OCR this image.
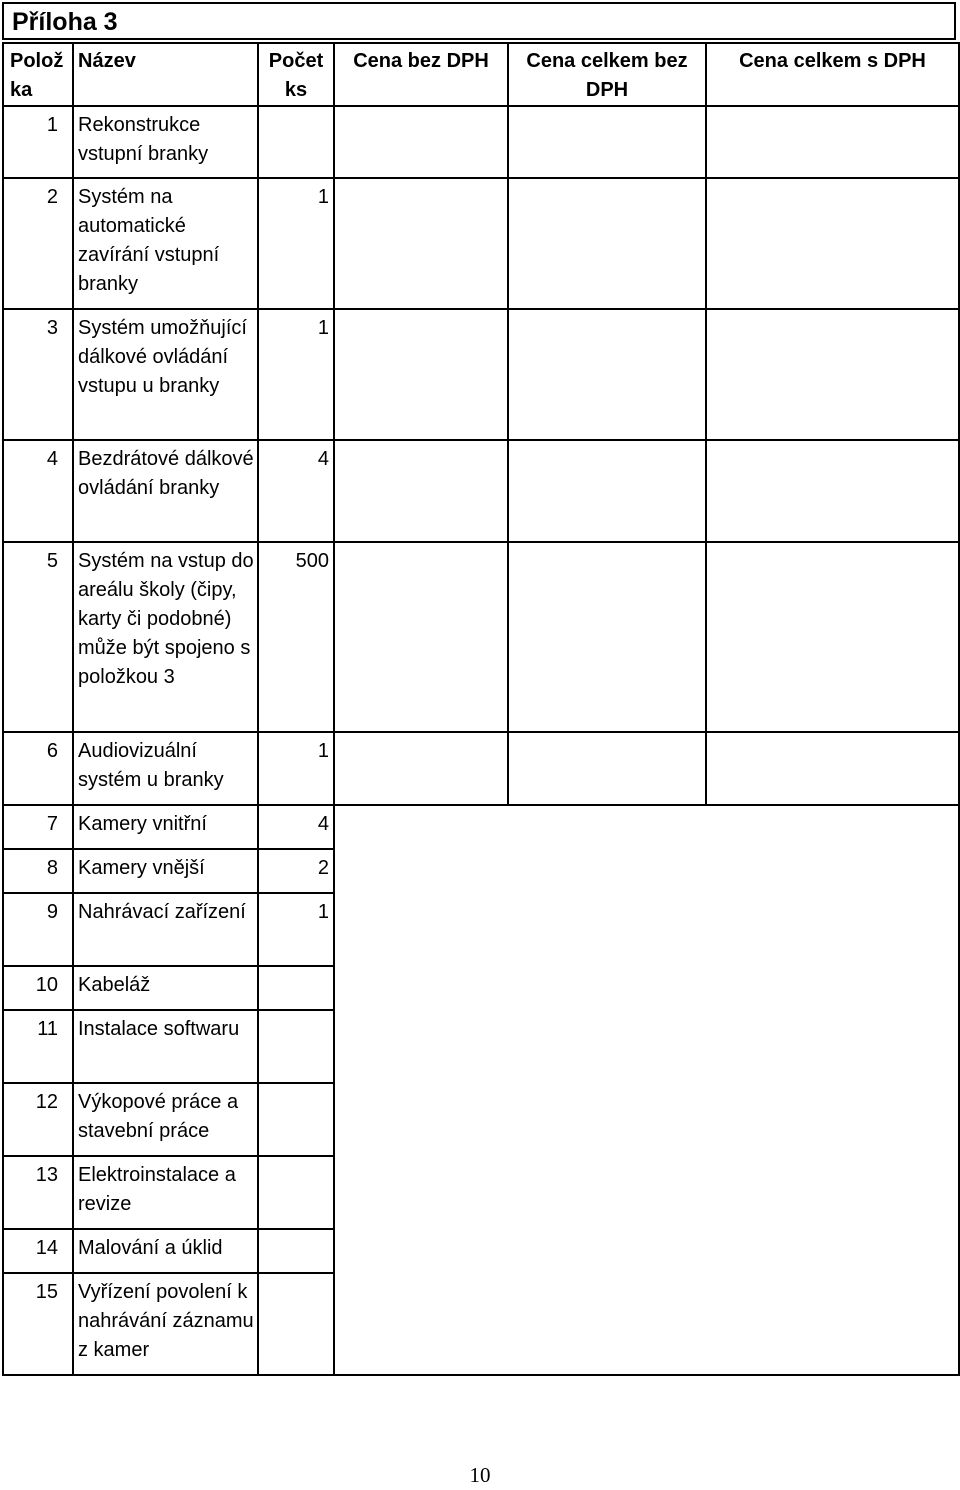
Příloha 3
Polož ka	Název	Počet ks	Cena bez DPH	Cena celkem bez DPH	Cena celkem s DPH
1	Rekonstrukce vstupní branky				
2	Systém na automatické zavírání vstupní branky	1			
3	Systém umožňující dálkové ovládání vstupu u branky	1			
4	Bezdrátové dálkové ovládání branky	4			
5	Systém na vstup do areálu školy (čipy, karty či podobné) může být spojeno s položkou 3	500			
6	Audiovizuální systém u branky	1			
7	Kamery vnitřní	4			
8	Kamery vnější	2			
9	Nahrávací zařízení	1			
10	Kabeláž				
11	Instalace softwaru				
12	Výkopové práce a stavební práce				
13	Elektroinstalace a revize				
14	Malování a úklid				
15	Vyřízení povolení k nahrávání záznamu z kamer				
10
